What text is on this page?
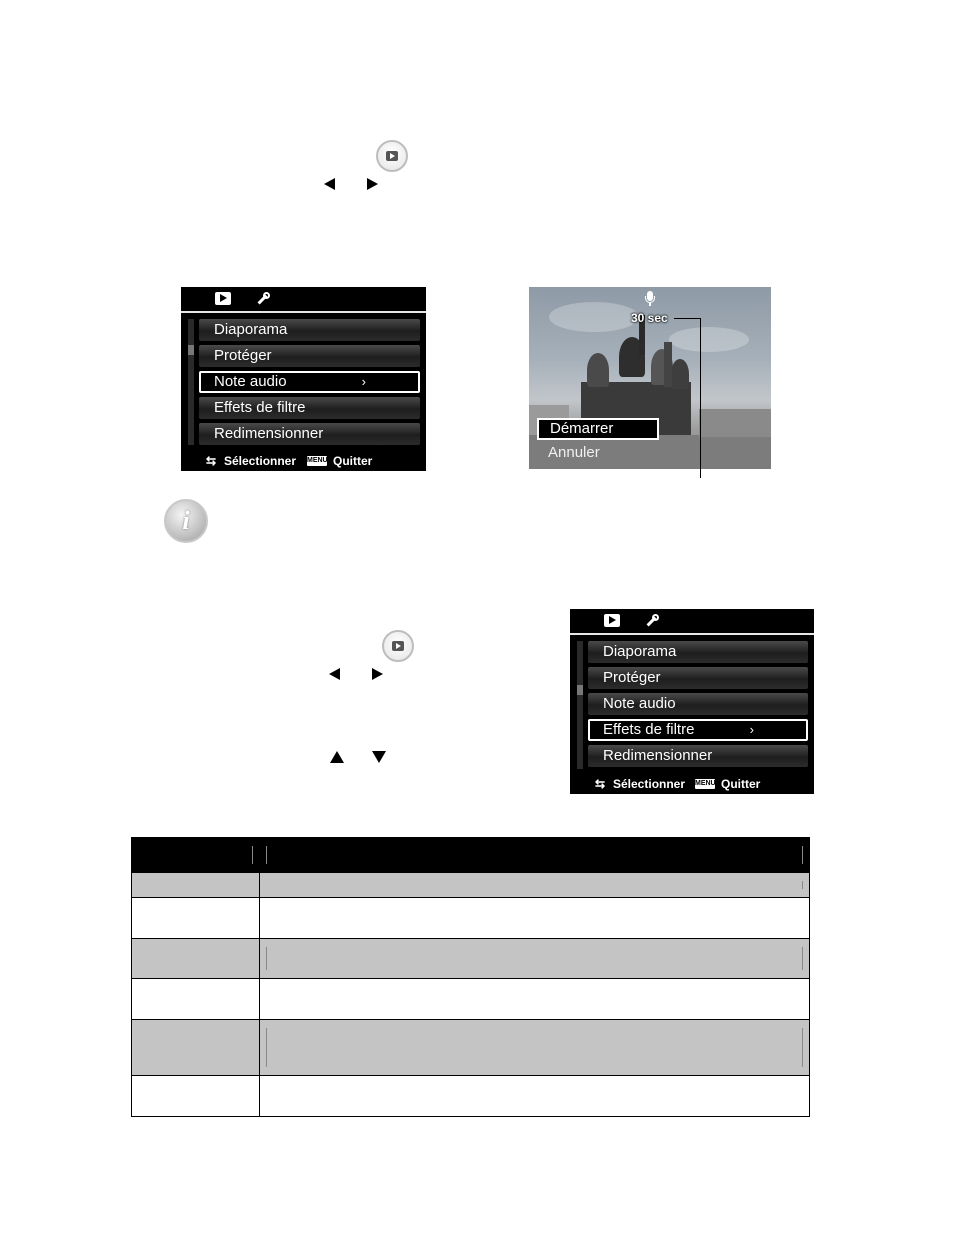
Diaporama
Protéger
Note audio	›
Effets de filtre
Redimensionner
⇆ Sélectionner MENU Quitter
30 sec
Démarrer
Annuler
i
Diaporama
Protéger
Note audio
Effets de filtre	›
Redimensionner
⇆ Sélectionner MENU Quitter
